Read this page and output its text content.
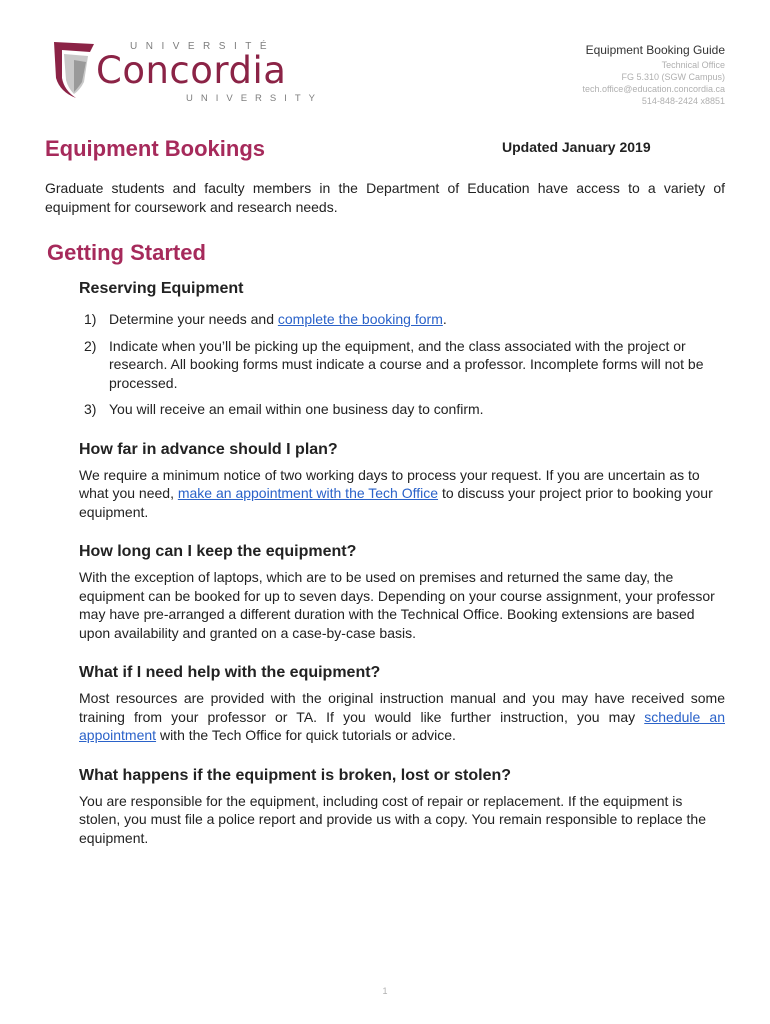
UNIVERSITÉ
Concordia
UNIVERSITY
Equipment Booking Guide
Technical Office
FG 5.310 (SGW Campus)
tech.office@education.concordia.ca
514-848-2424 x8851
Equipment Bookings	Updated January 2019

Graduate students and faculty members in the Department of Education have access to a variety of equipment for coursework and research needs.

Getting Started
Reserving Equipment
1) Determine your needs and complete the booking form.
2) Indicate when you’ll be picking up the equipment, and the class associated with the project or research. All booking forms must indicate a course and a professor. Incomplete forms will not be processed.
3) You will receive an email within one business day to confirm.
How far in advance should I plan?

We require a minimum notice of two working days to process your request. If you are uncertain as to what you need, make an appointment with the Tech Office to discuss your project prior to booking your equipment.

How long can I keep the equipment?

With the exception of laptops, which are to be used on premises and returned the same day, the equipment can be booked for up to seven days. Depending on your course assignment, your professor may have pre-arranged a different duration with the Technical Office. Booking extensions are based upon availability and granted on a case-by-case basis.

What if I need help with the equipment?

Most resources are provided with the original instruction manual and you may have received some training from your professor or TA. If you would like further instruction, you may schedule an appointment with the Tech Office for quick tutorials or advice.

What happens if the equipment is broken, lost or stolen?

You are responsible for the equipment, including cost of repair or replacement. If the equipment is stolen, you must file a police report and provide us with a copy. You remain responsible to replace the equipment.

1
